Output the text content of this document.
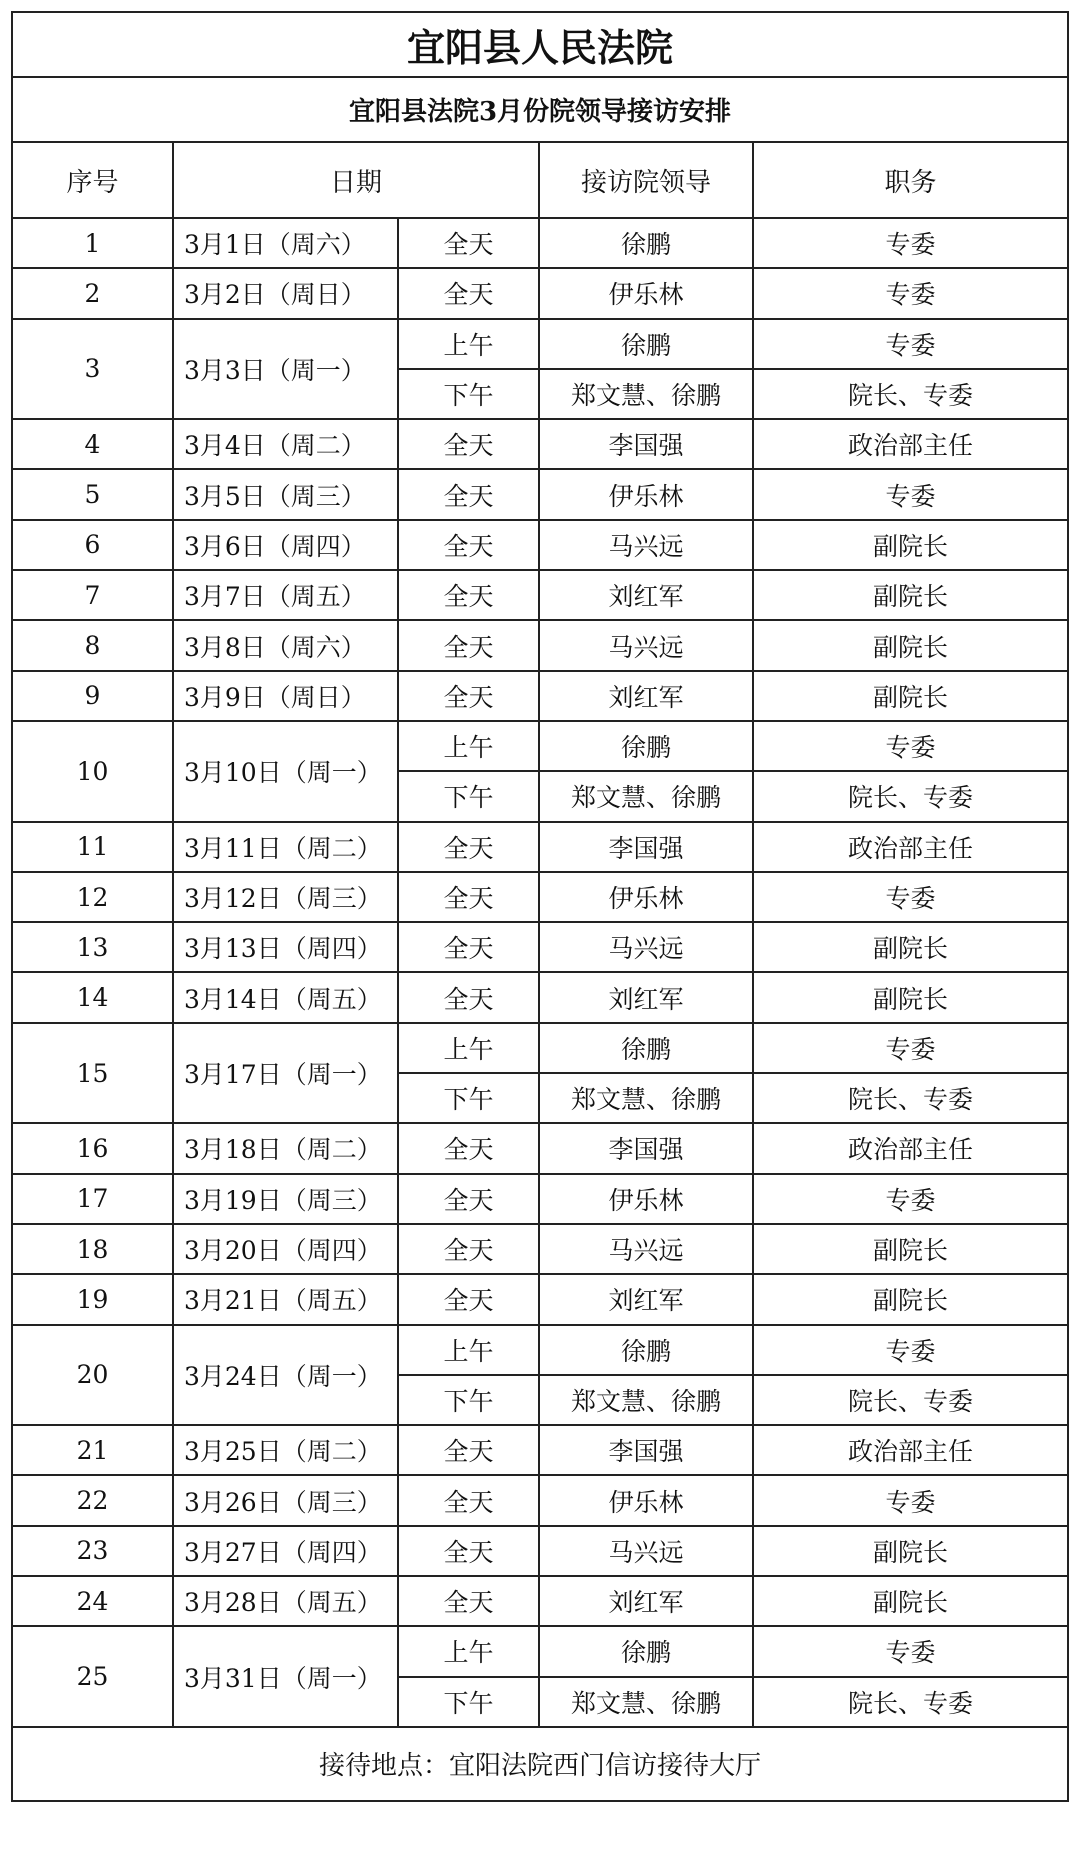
宜阳县人民法院				
宜阳县法院3月份院领导接访安排				
序号	日期		接访院领导	职务
1	3月1日（周六）	全天	徐鹏	专委
2	3月2日（周日）	全天	伊乐林	专委
3	3月3日（周一）	上午	徐鹏	专委
		下午	郑文慧、徐鹏	院长、专委
4	3月4日（周二）	全天	李国强	政治部主任
5	3月5日（周三）	全天	伊乐林	专委
6	3月6日（周四）	全天	马兴远	副院长
7	3月7日（周五）	全天	刘红军	副院长
8	3月8日（周六）	全天	马兴远	副院长
9	3月9日（周日）	全天	刘红军	副院长
10	3月10日（周一）	上午	徐鹏	专委
		下午	郑文慧、徐鹏	院长、专委
11	3月11日（周二）	全天	李国强	政治部主任
12	3月12日（周三）	全天	伊乐林	专委
13	3月13日（周四）	全天	马兴远	副院长
14	3月14日（周五）	全天	刘红军	副院长
15	3月17日（周一）	上午	徐鹏	专委
		下午	郑文慧、徐鹏	院长、专委
16	3月18日（周二）	全天	李国强	政治部主任
17	3月19日（周三）	全天	伊乐林	专委
18	3月20日（周四）	全天	马兴远	副院长
19	3月21日（周五）	全天	刘红军	副院长
20	3月24日（周一）	上午	徐鹏	专委
		下午	郑文慧、徐鹏	院长、专委
21	3月25日（周二）	全天	李国强	政治部主任
22	3月26日（周三）	全天	伊乐林	专委
23	3月27日（周四）	全天	马兴远	副院长
24	3月28日（周五）	全天	刘红军	副院长
25	3月31日（周一）	上午	徐鹏	专委
		下午	郑文慧、徐鹏	院长、专委
接待地点：宜阳法院西门信访接待大厅				
